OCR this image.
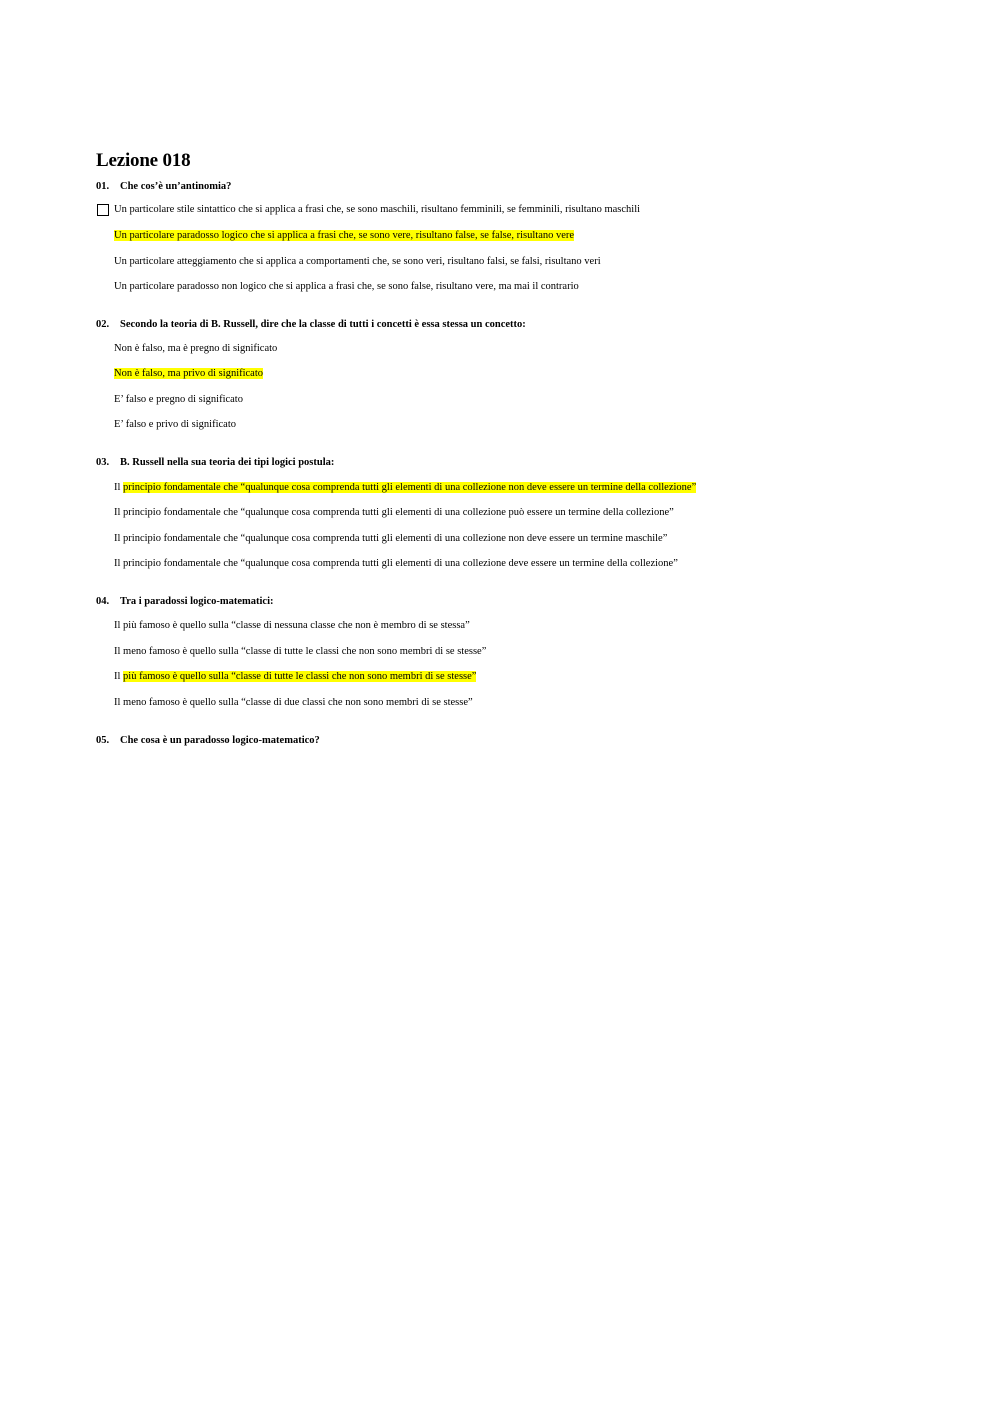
Lezione 018
01. Che cos’è un’antinomia?
Un particolare stile sintattico che si applica a frasi che, se sono maschili, risultano femminili, se femminili, risultano maschili
Un particolare paradosso logico che si applica a frasi che, se sono vere, risultano false, se false, risultano vere
Un particolare atteggiamento che si applica a comportamenti che, se sono veri, risultano falsi, se falsi, risultano veri
Un particolare paradosso non logico che si applica a frasi che, se sono false, risultano vere, ma mai il contrario
02. Secondo la teoria di B. Russell, dire che la classe di tutti i concetti è essa stessa un concetto:
Non è falso, ma è pregno di significato
Non è falso, ma privo di significato
E’ falso e pregno di significato
E’ falso e privo di significato
03. B. Russell nella sua teoria dei tipi logici postula:
Il principio fondamentale che “qualunque cosa comprenda tutti gli elementi di una collezione non deve essere un termine della collezione”
Il principio fondamentale che “qualunque cosa comprenda tutti gli elementi di una collezione può essere un termine della collezione”
Il principio fondamentale che “qualunque cosa comprenda tutti gli elementi di una collezione non deve essere un termine maschile”
Il principio fondamentale che “qualunque cosa comprenda tutti gli elementi di una collezione deve essere un termine della collezione”
04. Tra i paradossi logico-matematici:
Il più famoso è quello sulla “classe di nessuna classe che non è membro di se stessa”
Il meno famoso è quello sulla “classe di tutte le classi che non sono membri di se stesse”
Il più famoso è quello sulla “classe di tutte le classi che non sono membri di se stesse”
Il meno famoso è quello sulla “classe di due classi che non sono membri di se stesse”
05. Che cosa è un paradosso logico-matematico?
